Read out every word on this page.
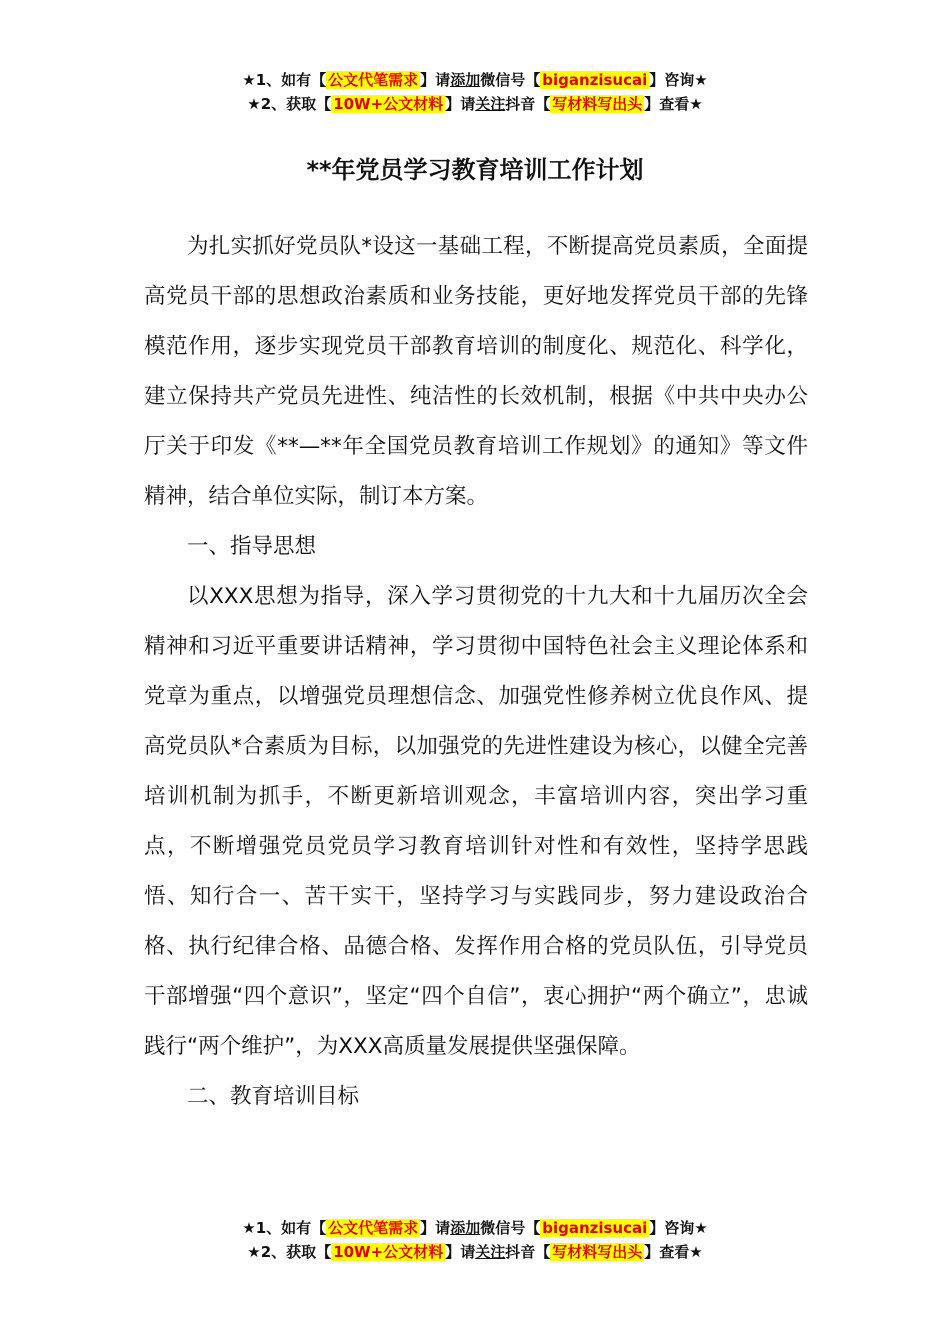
★1、如有【 公文代笔需求 】请添加微信号【 biganzisucai 】咨询★
★2、获取【 10W+公文材料 】请关注抖音【 写材料写出头 】查看★
**年党员学习教育培训工作计划

为扎实抓好党员队*设这一基础工程，不断提高党员素质，全面提高党员干部的思想政治素质和业务技能，更好地发挥党员干部的先锋模范作用，逐步实现党员干部教育培训的制度化、规范化、科学化，建立保持共产党员先进性、纯洁性的长效机制，根据《中共中央办公厅关于印发《**—**年全国党员教育培训工作规划》的通知》等文件精神，结合单位实际，制订本方案。

一、指导思想

以XXX思想为指导，深入学习贯彻党的十九大和十九届历次全会精神和习近平重要讲话精神，学习贯彻中国特色社会主义理论体系和党章为重点，以增强党员理想信念、加强党性修养树立优良作风、提高党员队*合素质为目标，以加强党的先进性建设为核心，以健全完善培训机制为抓手，不断更新培训观念，丰富培训内容，突出学习重点，不断增强党员党员学习教育培训针对性和有效性，坚持学思践悟、知行合一、苦干实干，坚持学习与实践同步，努力建设政治合格、执行纪律合格、品德合格、发挥作用合格的党员队伍，引导党员干部增强“四个意识”，坚定“四个自信”，衷心拥护“两个确立”，忠诚践行“两个维护”，为XXX高质量发展提供坚强保障。

二、教育培训目标

★1、如有【 公文代笔需求 】请添加微信号【 biganzisucai 】咨询★
★2、获取【 10W+公文材料 】请关注抖音【 写材料写出头 】查看★
